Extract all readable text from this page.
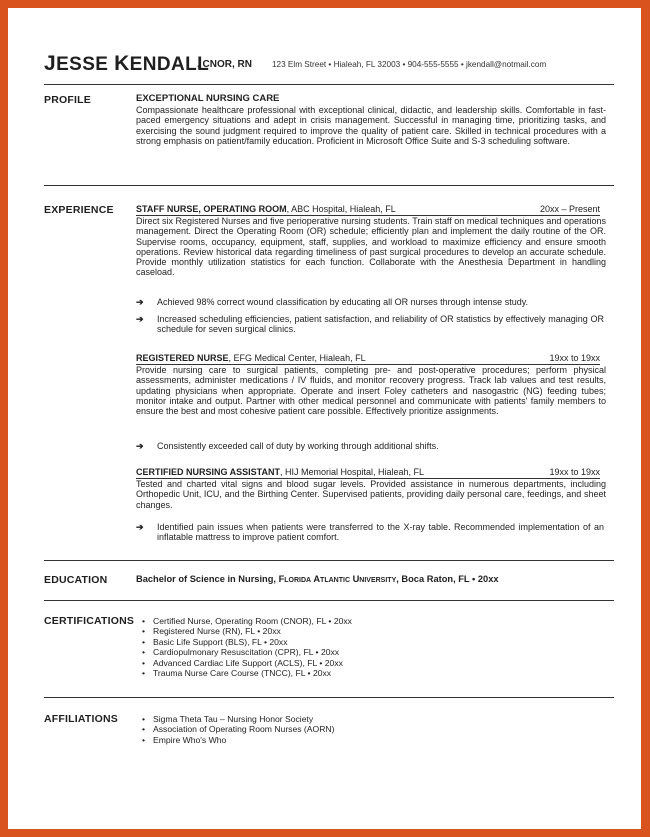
JESSE KENDALL
, CNOR, RN 123 Elm Street • Hialeah, FL 32003 • 904-555-5555 • jkendall@notmail.com
PROFILE	EXCEPTIONAL NURSING CARE
Compassionate healthcare professional with exceptional clinical, didactic, and leadership skills. Comfortable in fast-paced emergency situations and adept in crisis management. Successful in managing time, prioritizing tasks, and exercising the sound judgment required to improve the quality of patient care. Skilled in technical procedures with a strong emphasis on patient/family education. Proficient in Microsoft Office Suite and S-3 scheduling software.
EXPERIENCE STAFF NURSE, OPERATING ROOM, ABC Hospital, Hialeah, FL	20xx – Present
Direct six Registered Nurses and five perioperative nursing students. Train staff on medical techniques and operations management. Direct the Operating Room (OR) schedule; efficiently plan and implement the daily routine of the OR. Supervise rooms, occupancy, equipment, staff, supplies, and workload to maximize efficiency and ensure smooth operations. Review historical data regarding timeliness of past surgical procedures to develop an accurate schedule. Provide monthly utilization statistics for each function. Collaborate with the Anesthesia Department in handling caseload.
➔ Achieved 98% correct wound classification by educating all OR nurses through intense study.
➔ Increased scheduling efficiencies, patient satisfaction, and reliability of OR statistics by effectively managing OR schedule for seven surgical clinics.
REGISTERED NURSE, EFG Medical Center, Hialeah, FL	19xx to 19xx
Provide nursing care to surgical patients, completing pre- and post-operative procedures; perform physical assessments, administer medications / IV fluids, and monitor recovery progress. Track lab values and test results, updating physicians when appropriate. Operate and insert Foley catheters and nasogastric (NG) feeding tubes; monitor intake and output. Partner with other medical personnel and communicate with patients' family members to ensure the best and most cohesive patient care possible. Effectively prioritize assignments.
➔ Consistently exceeded call of duty by working through additional shifts.
CERTIFIED NURSING ASSISTANT, HIJ Memorial Hospital, Hialeah, FL	19xx to 19xx
Tested and charted vital signs and blood sugar levels. Provided assistance in numerous departments, including Orthopedic Unit, ICU, and the Birthing Center. Supervised patients, providing daily personal care, feedings, and sheet changes.
➔ Identified pain issues when patients were transferred to the X-ray table. Recommended implementation of an inflatable mattress to improve patient comfort.
EDUCATION	Bachelor of Science in Nursing, Florida Atlantic University, Boca Raton, FL • 20xx
CERTIFICATIONS	• Certified Nurse, Operating Room (CNOR), FL • 20xx
• Registered Nurse (RN), FL • 20xx
• Basic Life Support (BLS), FL • 20xx
• Cardiopulmonary Resuscitation (CPR), FL • 20xx
• Advanced Cardiac Life Support (ACLS), FL • 20xx
• Trauma Nurse Care Course (TNCC), FL • 20xx
AFFILIATIONS	• Sigma Theta Tau – Nursing Honor Society
• Association of Operating Room Nurses (AORN)
• Empire Who's Who
